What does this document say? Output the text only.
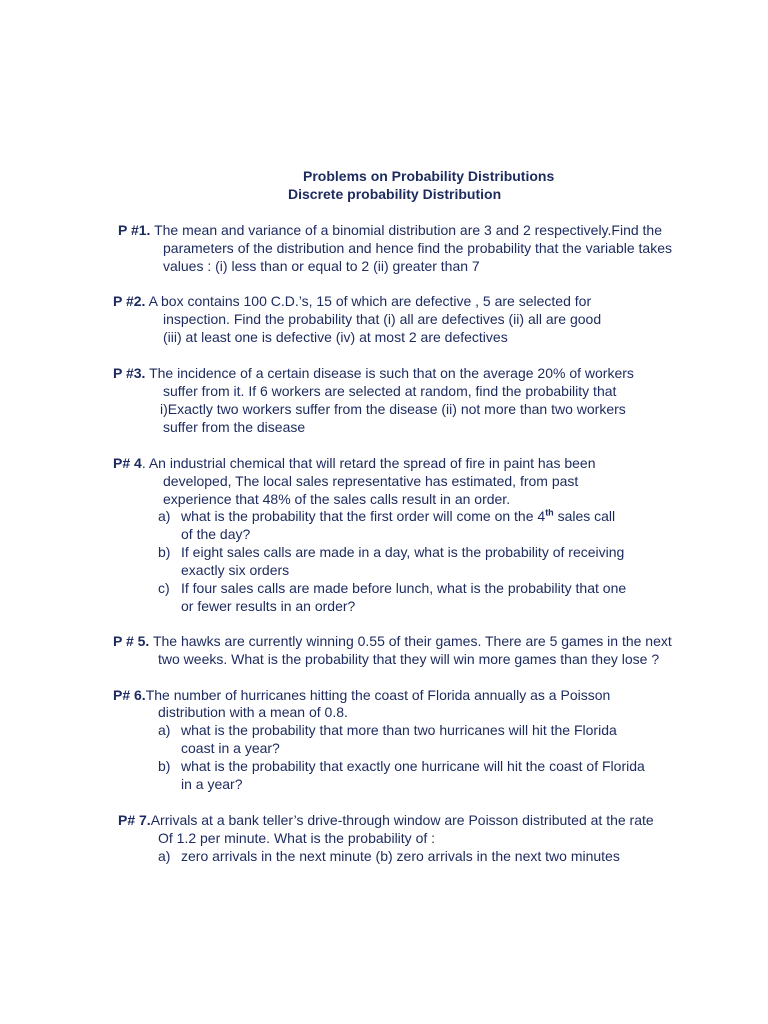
Problems on Probability Distributions
Discrete probability Distribution
P #1. The mean and variance of a binomial distribution are 3 and 2 respectively.Find the
parameters of the distribution and hence find the probability that the variable takes
values : (i) less than or equal to 2 (ii) greater than 7
P #2. A box contains 100 C.D.’s, 15 of which are defective , 5 are selected for
inspection. Find the probability that (i) all are defectives (ii) all are good
(iii) at least one is defective (iv) at most 2 are defectives
P #3. The incidence of a certain disease is such that on the average 20% of workers
suffer from it. If 6 workers are selected at random, find the probability that
i)Exactly two workers suffer from the disease (ii) not more than two workers
suffer from the disease
P# 4. An industrial chemical that will retard the spread of fire in paint has been
developed, The local sales representative has estimated, from past
experience that 48% of the sales calls result in an order.
a) what is the probability that the first order will come on the 4th sales call
of the day?
b) If eight sales calls are made in a day, what is the probability of receiving
exactly six orders
c) If four sales calls are made before lunch, what is the probability that one
or fewer results in an order?
P # 5. The hawks are currently winning 0.55 of their games. There are 5 games in the next
two weeks. What is the probability that they will win more games than they lose ?
P# 6.The number of hurricanes hitting the coast of Florida annually as a Poisson
distribution with a mean of 0.8.
a) what is the probability that more than two hurricanes will hit the Florida
coast in a year?
b) what is the probability that exactly one hurricane will hit the coast of Florida
in a year?
P# 7.Arrivals at a bank teller’s drive-through window are Poisson distributed at the rate
Of 1.2 per minute. What is the probability of :
a) zero arrivals in the next minute (b) zero arrivals in the next two minutes
